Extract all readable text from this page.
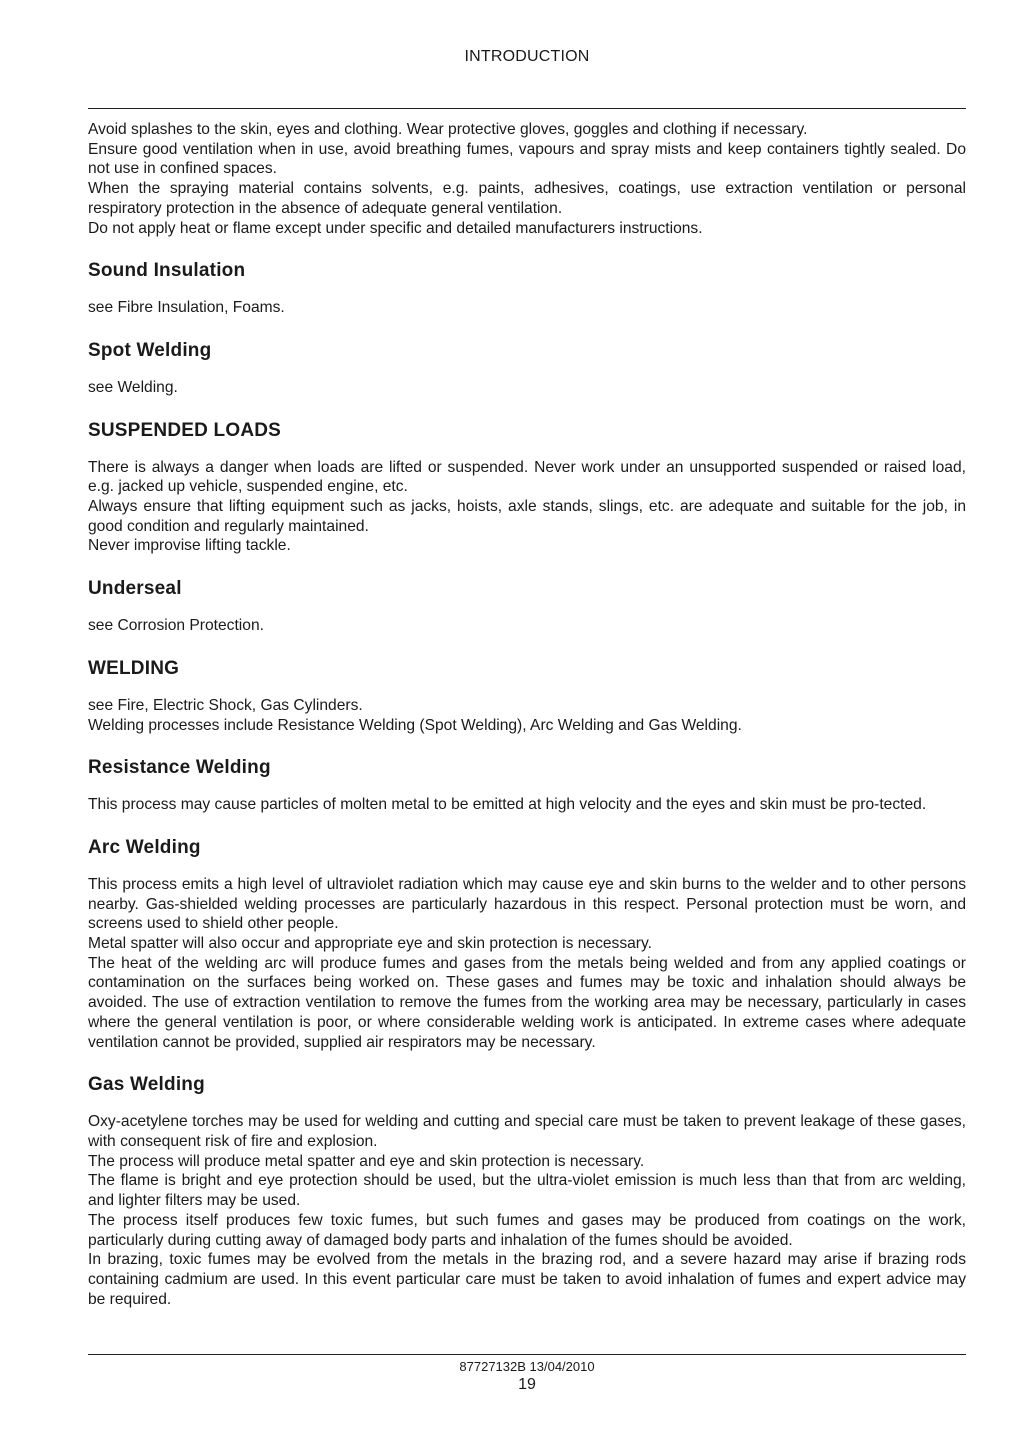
INTRODUCTION

Avoid splashes to the skin, eyes and clothing. Wear protective gloves, goggles and clothing if necessary.

Ensure good ventilation when in use, avoid breathing fumes, vapours and spray mists and keep containers tightly sealed. Do not use in confined spaces.

When the spraying material contains solvents, e.g. paints, adhesives, coatings, use extraction ventilation or personal respiratory protection in the absence of adequate general ventilation.

Do not apply heat or flame except under specific and detailed manufacturers instructions.

Sound Insulation

see Fibre Insulation, Foams.

Spot Welding

see Welding.

SUSPENDED LOADS

There is always a danger when loads are lifted or suspended. Never work under an unsupported suspended or raised load, e.g. jacked up vehicle, suspended engine, etc.

Always ensure that lifting equipment such as jacks, hoists, axle stands, slings, etc. are adequate and suitable for the job, in good condition and regularly maintained.

Never improvise lifting tackle.

Underseal

see Corrosion Protection.

WELDING

see Fire, Electric Shock, Gas Cylinders.

Welding processes include Resistance Welding (Spot Welding), Arc Welding and Gas Welding.

Resistance Welding

This process may cause particles of molten metal to be emitted at high velocity and the eyes and skin must be pro-tected.

Arc Welding

This process emits a high level of ultraviolet radiation which may cause eye and skin burns to the welder and to other persons nearby. Gas-shielded welding processes are particularly hazardous in this respect. Personal protection must be worn, and screens used to shield other people.

Metal spatter will also occur and appropriate eye and skin protection is necessary.

The heat of the welding arc will produce fumes and gases from the metals being welded and from any applied coatings or contamination on the surfaces being worked on. These gases and fumes may be toxic and inhalation should always be avoided. The use of extraction ventilation to remove the fumes from the working area may be necessary, particularly in cases where the general ventilation is poor, or where considerable welding work is anticipated. In extreme cases where adequate ventilation cannot be provided, supplied air respirators may be necessary.

Gas Welding

Oxy-acetylene torches may be used for welding and cutting and special care must be taken to prevent leakage of these gases, with consequent risk of fire and explosion.

The process will produce metal spatter and eye and skin protection is necessary.

The flame is bright and eye protection should be used, but the ultra-violet emission is much less than that from arc welding, and lighter filters may be used.

The process itself produces few toxic fumes, but such fumes and gases may be produced from coatings on the work, particularly during cutting away of damaged body parts and inhalation of the fumes should be avoided.

In brazing, toxic fumes may be evolved from the metals in the brazing rod, and a severe hazard may arise if brazing rods containing cadmium are used. In this event particular care must be taken to avoid inhalation of fumes and expert advice may be required.

87727132B 13/04/2010
19
